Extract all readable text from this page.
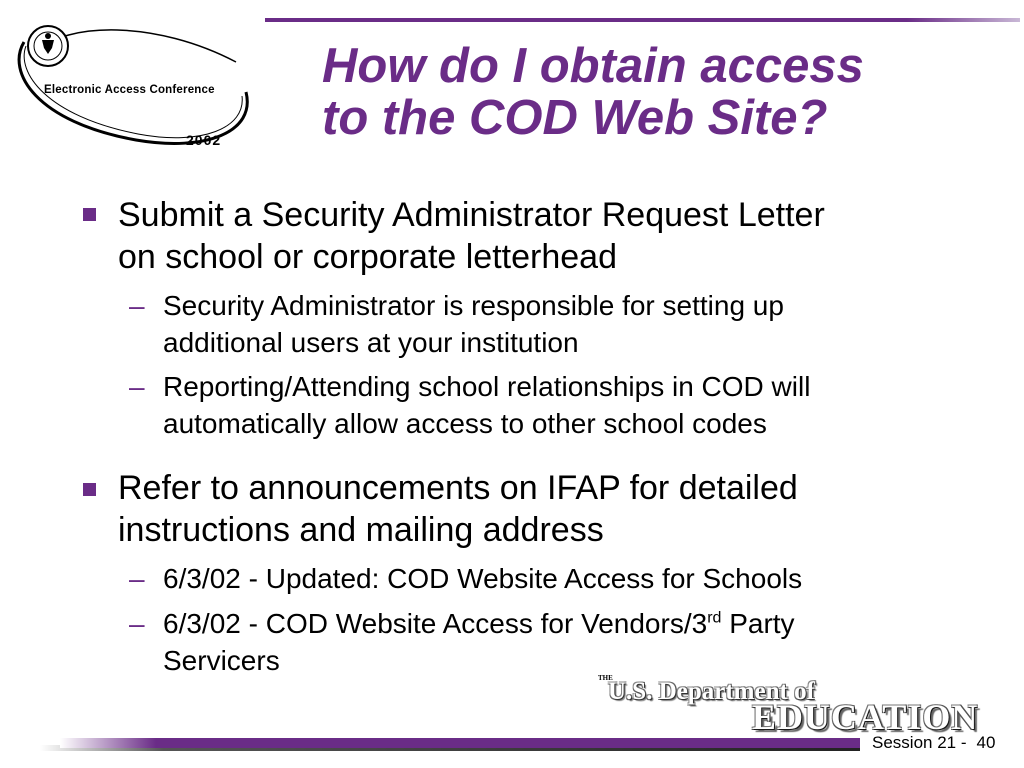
Electronic Access Conference
2002
How do I obtain access
to the COD Web Site?
Submit a Security Administrator Request Letter
on school or corporate letterhead
– Security Administrator is responsible for setting up
additional users at your institution
– Reporting/Attending school relationships in COD will
automatically allow access to other school codes
Refer to announcements on IFAP for detailed
instructions and mailing address
– 6/3/02 - Updated: COD Website Access for Schools
– 6/3/02 - COD Website Access for Vendors/3rd Party
Servicers
THE
U.S. Department of
EDUCATION
Session 21 - 40
